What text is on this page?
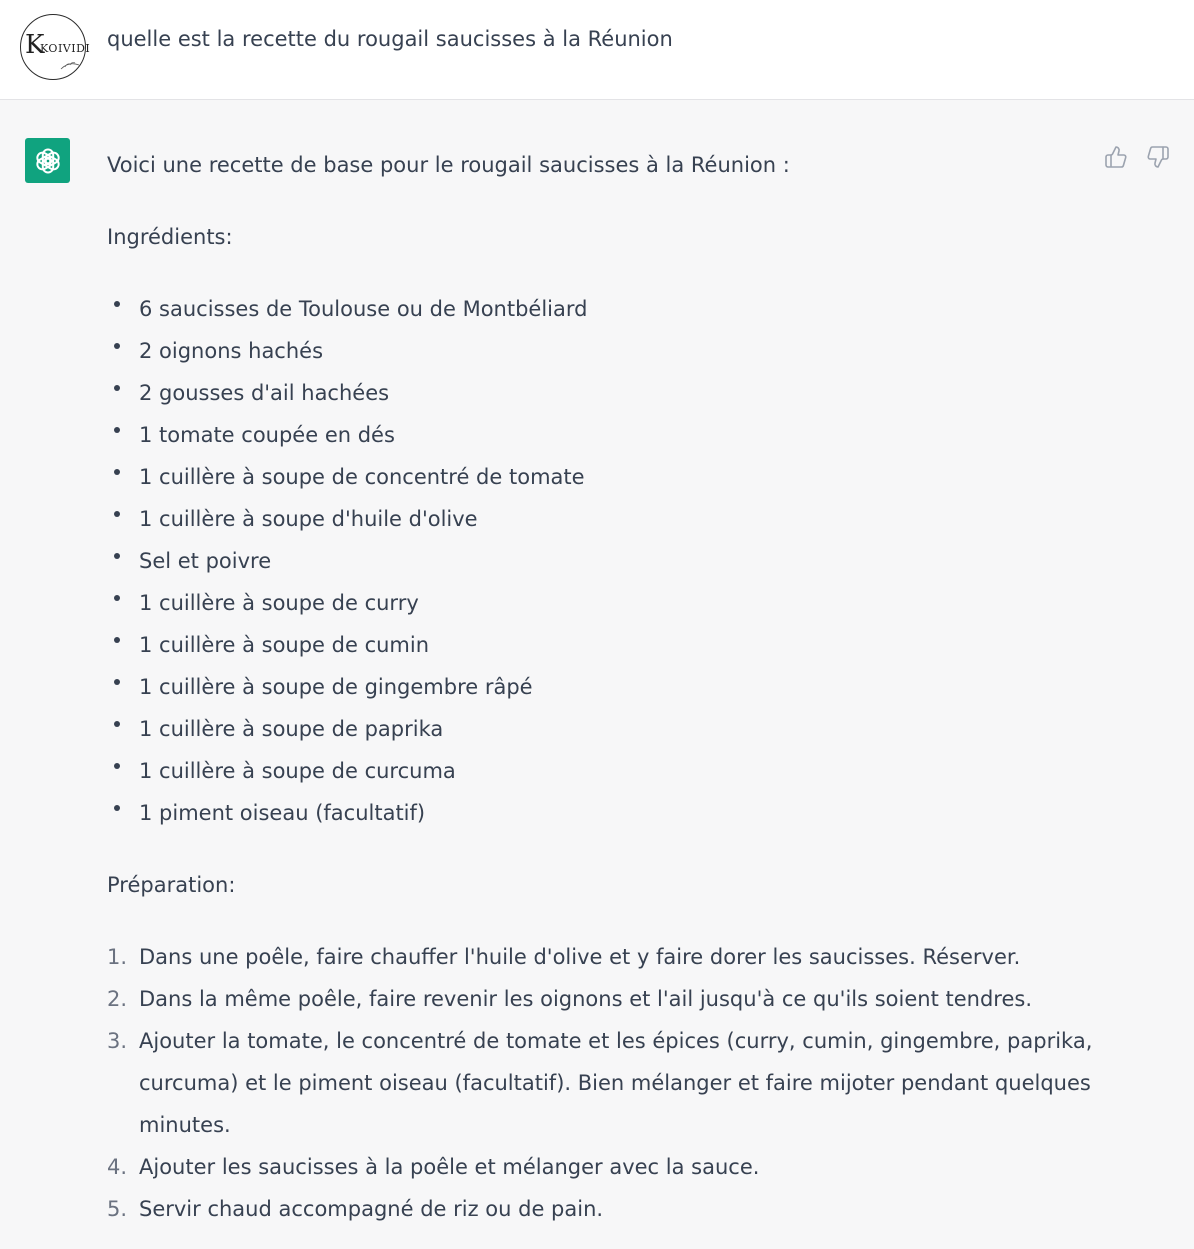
K
KOIVIDI quelle est la recette du rougail saucisses à la Réunion

Voici une recette de base pour le rougail saucisses à la Réunion :

Ingrédients:

6 saucisses de Toulouse ou de Montbéliard
2 oignons hachés
2 gousses d'ail hachées
1 tomate coupée en dés
1 cuillère à soupe de concentré de tomate
1 cuillère à soupe d'huile d'olive
Sel et poivre
1 cuillère à soupe de curry
1 cuillère à soupe de cumin
1 cuillère à soupe de gingembre râpé
1 cuillère à soupe de paprika
1 cuillère à soupe de curcuma
1 piment oiseau (facultatif)

Préparation:

1. Dans une poêle, faire chauffer l'huile d'olive et y faire dorer les saucisses. Réserver.
2. Dans la même poêle, faire revenir les oignons et l'ail jusqu'à ce qu'ils soient tendres.
3. Ajouter la tomate, le concentré de tomate et les épices (curry, cumin, gingembre, paprika, curcuma) et le piment oiseau (facultatif). Bien mélanger et faire mijoter pendant quelques minutes.
4. Ajouter les saucisses à la poêle et mélanger avec la sauce.
5. Servir chaud accompagné de riz ou de pain.
